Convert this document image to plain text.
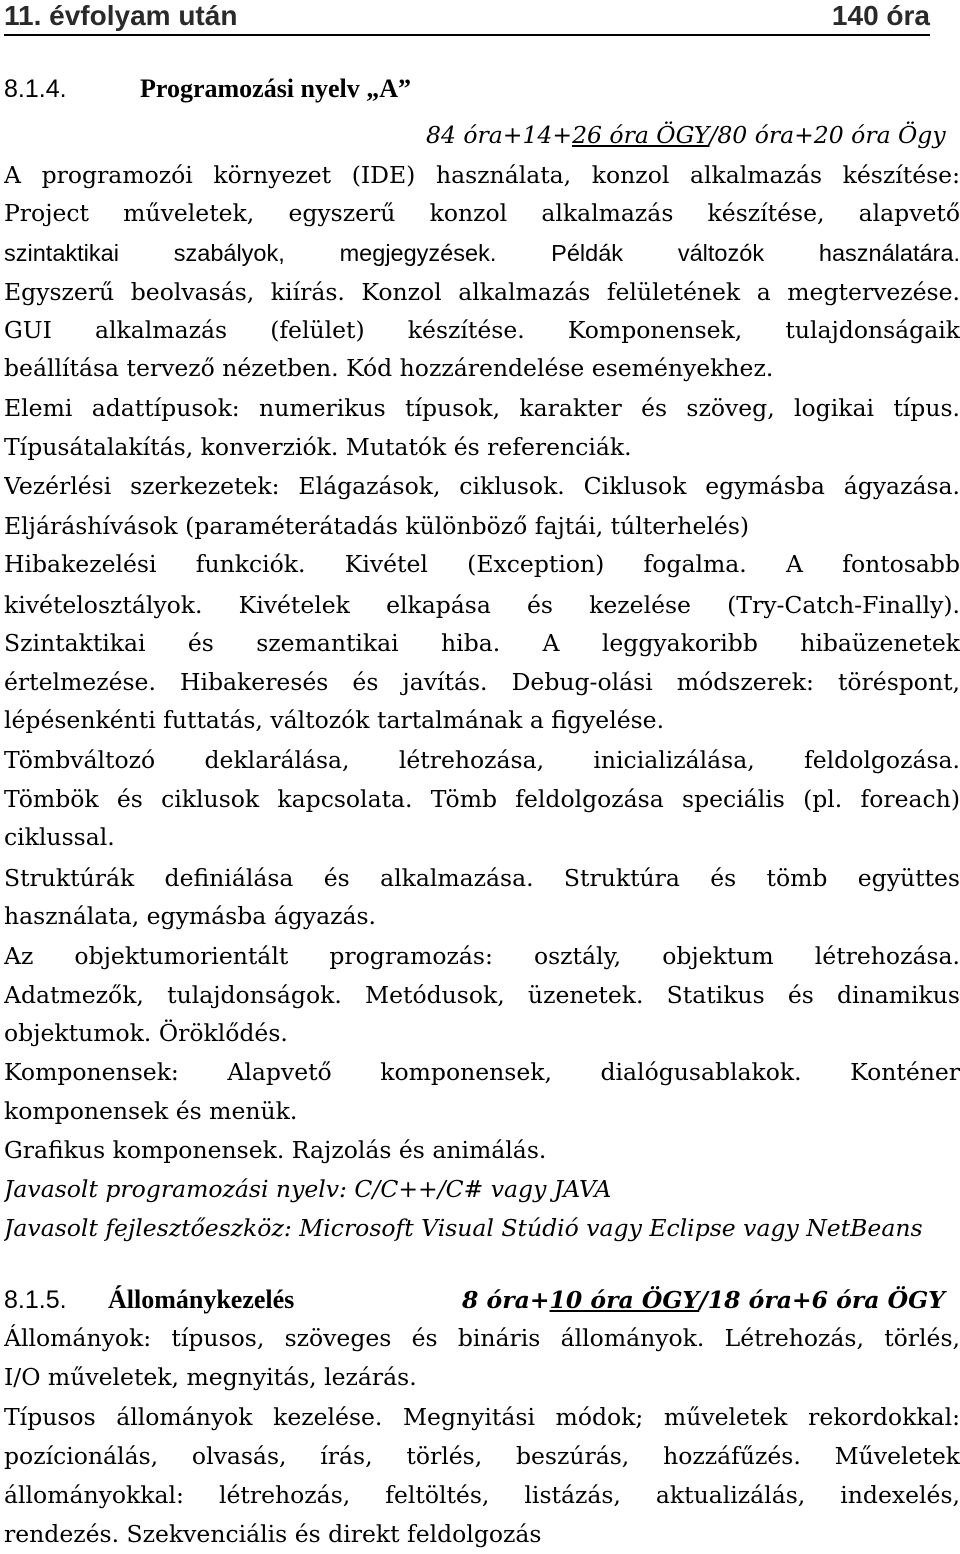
11. évfolyam után	140 óra
8.1.4.	Programozási nyelv „A”
84 óra+14+26 óra ÖGY/80 óra+20 óra Ögy
A programozói környezet (IDE) használata, konzol alkalmazás készítése:
Project műveletek, egyszerű konzol alkalmazás készítése, alapvető
szintaktikai szabályok, megjegyzések. Példák változók használatára.
Egyszerű beolvasás, kiírás. Konzol alkalmazás felületének a megtervezése.
GUI alkalmazás (felület) készítése. Komponensek, tulajdonságaik
beállítása tervező nézetben. Kód hozzárendelése eseményekhez.
Elemi adattípusok: numerikus típusok, karakter és szöveg, logikai típus.
Típusátalakítás, konverziók. Mutatók és referenciák.
Vezérlési szerkezetek: Elágazások, ciklusok. Ciklusok egymásba ágyazása.
Eljáráshívások (paraméterátadás különböző fajtái, túlterhelés)
Hibakezelési funkciók. Kivétel (Exception) fogalma. A fontosabb
kivételosztályok. Kivételek elkapása és kezelése (Try-Catch-Finally).
Szintaktikai és szemantikai hiba. A leggyakoribb hibaüzenetek
értelmezése. Hibakeresés és javítás. Debug-olási módszerek: töréspont,
lépésenkénti futtatás, változók tartalmának a figyelése.
Tömbváltozó deklarálása, létrehozása, inicializálása, feldolgozása.
Tömbök és ciklusok kapcsolata. Tömb feldolgozása speciális (pl. foreach)
ciklussal.
Struktúrák definiálása és alkalmazása. Struktúra és tömb együttes
használata, egymásba ágyazás.
Az objektumorientált programozás: osztály, objektum létrehozása.
Adatmezők, tulajdonságok. Metódusok, üzenetek. Statikus és dinamikus
objektumok. Öröklődés.
Komponensek: Alapvető komponensek, dialógusablakok. Konténer
komponensek és menük.
Grafikus komponensek. Rajzolás és animálás.
Javasolt programozási nyelv: C/C++/C# vagy JAVA
Javasolt fejlesztőeszköz: Microsoft Visual Stúdió vagy Eclipse vagy NetBeans
8.1.5. Állománykezelés	8 óra+10 óra ÖGY/18 óra+6 óra ÖGY
Állományok: típusos, szöveges és bináris állományok. Létrehozás, törlés,
I/O műveletek, megnyitás, lezárás.
Típusos állományok kezelése. Megnyitási módok; műveletek rekordokkal:
pozícionálás, olvasás, írás, törlés, beszúrás, hozzáfűzés. Műveletek
állományokkal: létrehozás, feltöltés, listázás, aktualizálás, indexelés,
rendezés. Szekvenciális és direkt feldolgozás
